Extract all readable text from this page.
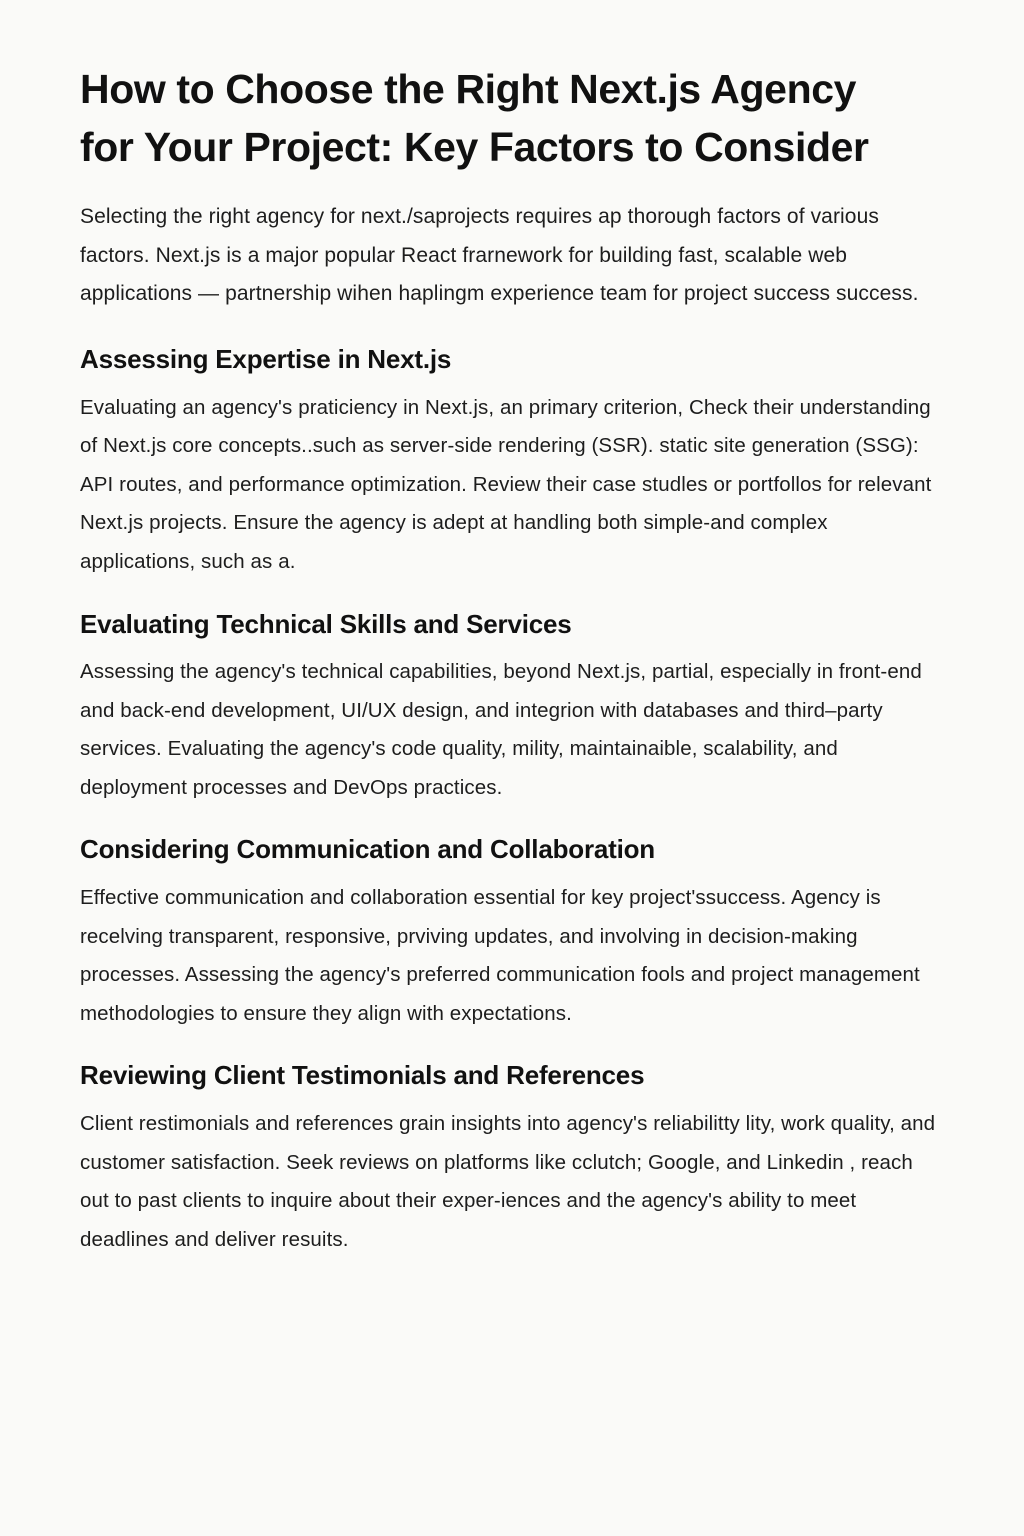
How to Choose the Right Next.js Agency for Your Project: Key Factors to Consider

Selecting the right agency for next./saprojects requires ap thorough factors of various factors. Next.js is a major popular React frarnework for building fast, scalable web applications — partnership wihen haplingm experience team for project success success.

Assessing Expertise in Next.js

Evaluating an agency's praticiency in Next.js, an primary criterion, Check their understanding of Next.js core concepts..such as server-side rendering (SSR). static site generation (SSG): API routes, and performance optimization. Review their case studles or portfollos for relevant Next.js projects. Ensure the agency is adept at handling both simple-and complex applications, such as a.

Evaluating Technical Skills and Services

Assessing the agency's technical capabilities, beyond Next.js, partial, especially in front-end and back-end development, UI/UX design, and integrion with databases and third–party services. Evaluating the agency's code quality, mility, maintainaible, scalability, and deployment processes and DevOps practices.

Considering Communication and Collaboration

Effective communication and collaboration essential for key project'ssuccess. Agency is recelving transparent, responsive, prviving updates, and involving in decision-making processes. Assessing the agency's preferred communication fools and project management methodologies to ensure they align with expectations.

Reviewing Client Testimonials and References

Client restimonials and references grain insights into agency's reliabilitty lity, work quality, and customer satisfaction. Seek reviews on platforms like cclutch; Google, and Linkedin , reach out to past clients to inquire about their exper-iences and the agency's ability to meet deadlines and deliver resuits.
